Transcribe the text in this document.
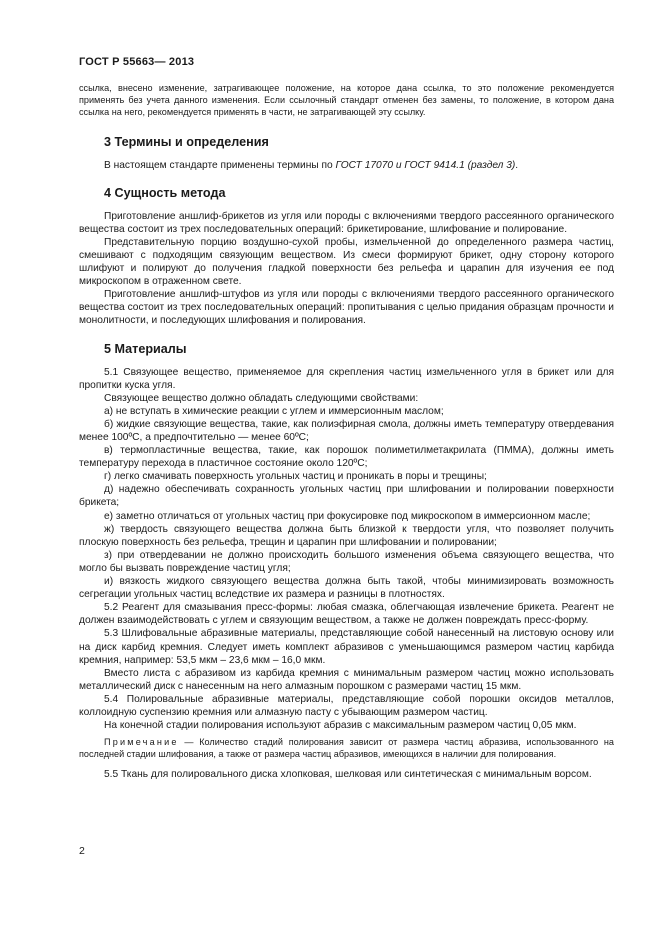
ГОСТ Р 55663— 2013

ссылка, внесено изменение, затрагивающее положение, на которое дана ссылка, то это положение рекомендуется применять без учета данного изменения. Если ссылочный стандарт отменен без замены, то положение, в котором дана ссылка на него, рекомендуется применять в части, не затрагивающей эту ссылку.

3 Термины и определения

В настоящем стандарте применены термины по ГОСТ 17070 и ГОСТ 9414.1 (раздел 3).

4 Сущность метода

Приготовление аншлиф-брикетов из угля или породы с включениями твердого рассеянного органического вещества состоит из трех последовательных операций: брикетирование, шлифование и полирование.

Представительную порцию воздушно-сухой пробы, измельченной до определенного размера частиц, смешивают с подходящим связующим веществом. Из смеси формируют брикет, одну сторону которого шлифуют и полируют до получения гладкой поверхности без рельефа и царапин для изучения ее под микроскопом в отраженном свете.

Приготовление аншлиф-штуфов из угля или породы с включениями твердого рассеянного органического вещества состоит из трех последовательных операций: пропитывания с целью придания образцам прочности и монолитности, и последующих шлифования и полирования.

5 Материалы

5.1 Связующее вещество, применяемое для скрепления частиц измельченного угля в брикет или для пропитки куска угля.

Связующее вещество должно обладать следующими свойствами:

а) не вступать в химические реакции с углем и иммерсионным маслом;

б) жидкие связующие вещества, такие, как полиэфирная смола, должны иметь температуру отвердевания менее 100ºС, а предпочтительно — менее 60ºС;

в) термопластичные вещества, такие, как порошок полиметилметакрилата (ПММА), должны иметь температуру перехода в пластичное состояние около 120ºС;

г) легко смачивать поверхность угольных частиц и проникать в поры и трещины;

д) надежно обеспечивать сохранность угольных частиц при шлифовании и полировании поверхности брикета;

е) заметно отличаться от угольных частиц при фокусировке под микроскопом в иммерсионном масле;

ж) твердость связующего вещества должна быть близкой к твердости угля, что позволяет получить плоскую поверхность без рельефа, трещин и царапин при шлифовании и полировании;

з) при отвердевании не должно происходить большого изменения объема связующего вещества, что могло бы вызвать повреждение частиц угля;

и) вязкость жидкого связующего вещества должна быть такой, чтобы минимизировать возможность сегрегации угольных частиц вследствие их размера и разницы в плотностях.

5.2 Реагент для смазывания пресс-формы: любая смазка, облегчающая извлечение брикета. Реагент не должен взаимодействовать с углем и связующим веществом, а также не должен повреждать пресс-форму.

5.3 Шлифовальные абразивные материалы, представляющие собой нанесенный на листовую основу или на диск карбид кремния. Следует иметь комплект абразивов с уменьшающимся размером частиц карбида кремния, например: 53,5 мкм – 23,6 мкм – 16,0 мкм.

Вместо листа с абразивом из карбида кремния с минимальным размером частиц можно использовать металлический диск с нанесенным на него алмазным порошком с размерами частиц 15 мкм.

5.4 Полировальные абразивные материалы, представляющие собой порошки оксидов металлов, коллоидную суспензию кремния или алмазную пасту с убывающим размером частиц.

На конечной стадии полирования используют абразив с максимальным размером частиц 0,05 мкм.

Примечание — Количество стадий полирования зависит от размера частиц абразива, использованного на последней стадии шлифования, а также от размера частиц абразивов, имеющихся в наличии для полирования.

5.5 Ткань для полировального диска хлопковая, шелковая или синтетическая с минимальным ворсом.

2
